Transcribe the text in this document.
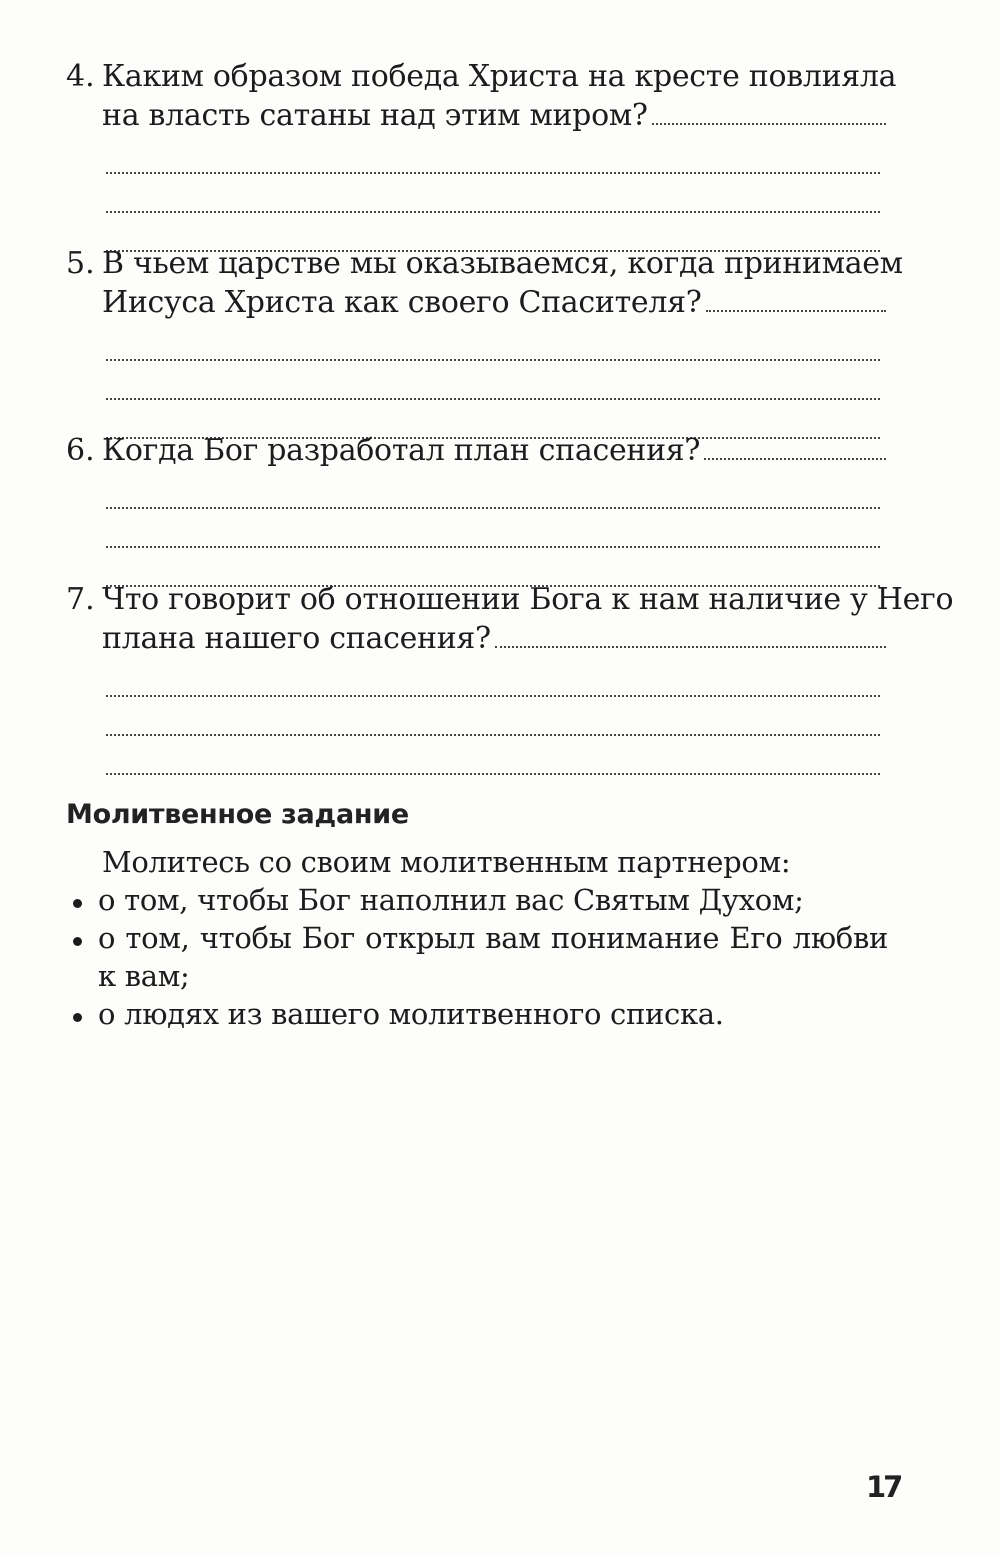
4. Каким образом победа Христа на кресте повлияла
на власть сатаны над этим миром?
5. В чьем царстве мы оказываемся, когда принимаем
Иисуса Христа как своего Спасителя?
6. Когда Бог разработал план спасения?
7. Что говорит об отношении Бога к нам наличие у Него
плана нашего спасения?
Молитвенное задание
Молитесь со своим молитвенным партнером:
о том, чтобы Бог наполнил вас Святым Духом;
о том, чтобы Бог открыл вам понимание Его любви к вам;
о людях из вашего молитвенного списка.
17
